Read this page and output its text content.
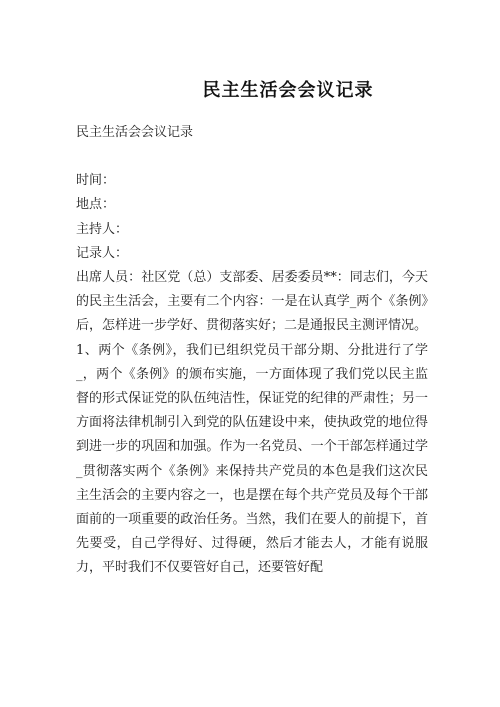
民主生活会会议记录

民主生活会会议记录

时间：

地点：

主持人：

记录人：

出席人员：社区党（总）支部委、居委委员**：同志们，今天的民主生活会，主要有二个内容：一是在认真学_两个《条例》后，怎样进一步学好、贯彻落实好；二是通报民主测评情况。

1、两个《条例》，我们已组织党员干部分期、分批进行了学_，两个《条例》的颁布实施，一方面体现了我们党以民主监督的形式保证党的队伍纯洁性，保证党的纪律的严肃性；另一方面将法律机制引入到党的队伍建设中来，使执政党的地位得到进一步的巩固和加强。作为一名党员、一个干部怎样通过学_贯彻落实两个《条例》来保持共产党员的本色是我们这次民主生活会的主要内容之一，也是摆在每个共产党员及每个干部面前的一项重要的政治任务。当然，我们在要人的前提下，首先要受，自己学得好、过得硬，然后才能去人，才能有说服力，平时我们不仅要管好自己，还要管好配
